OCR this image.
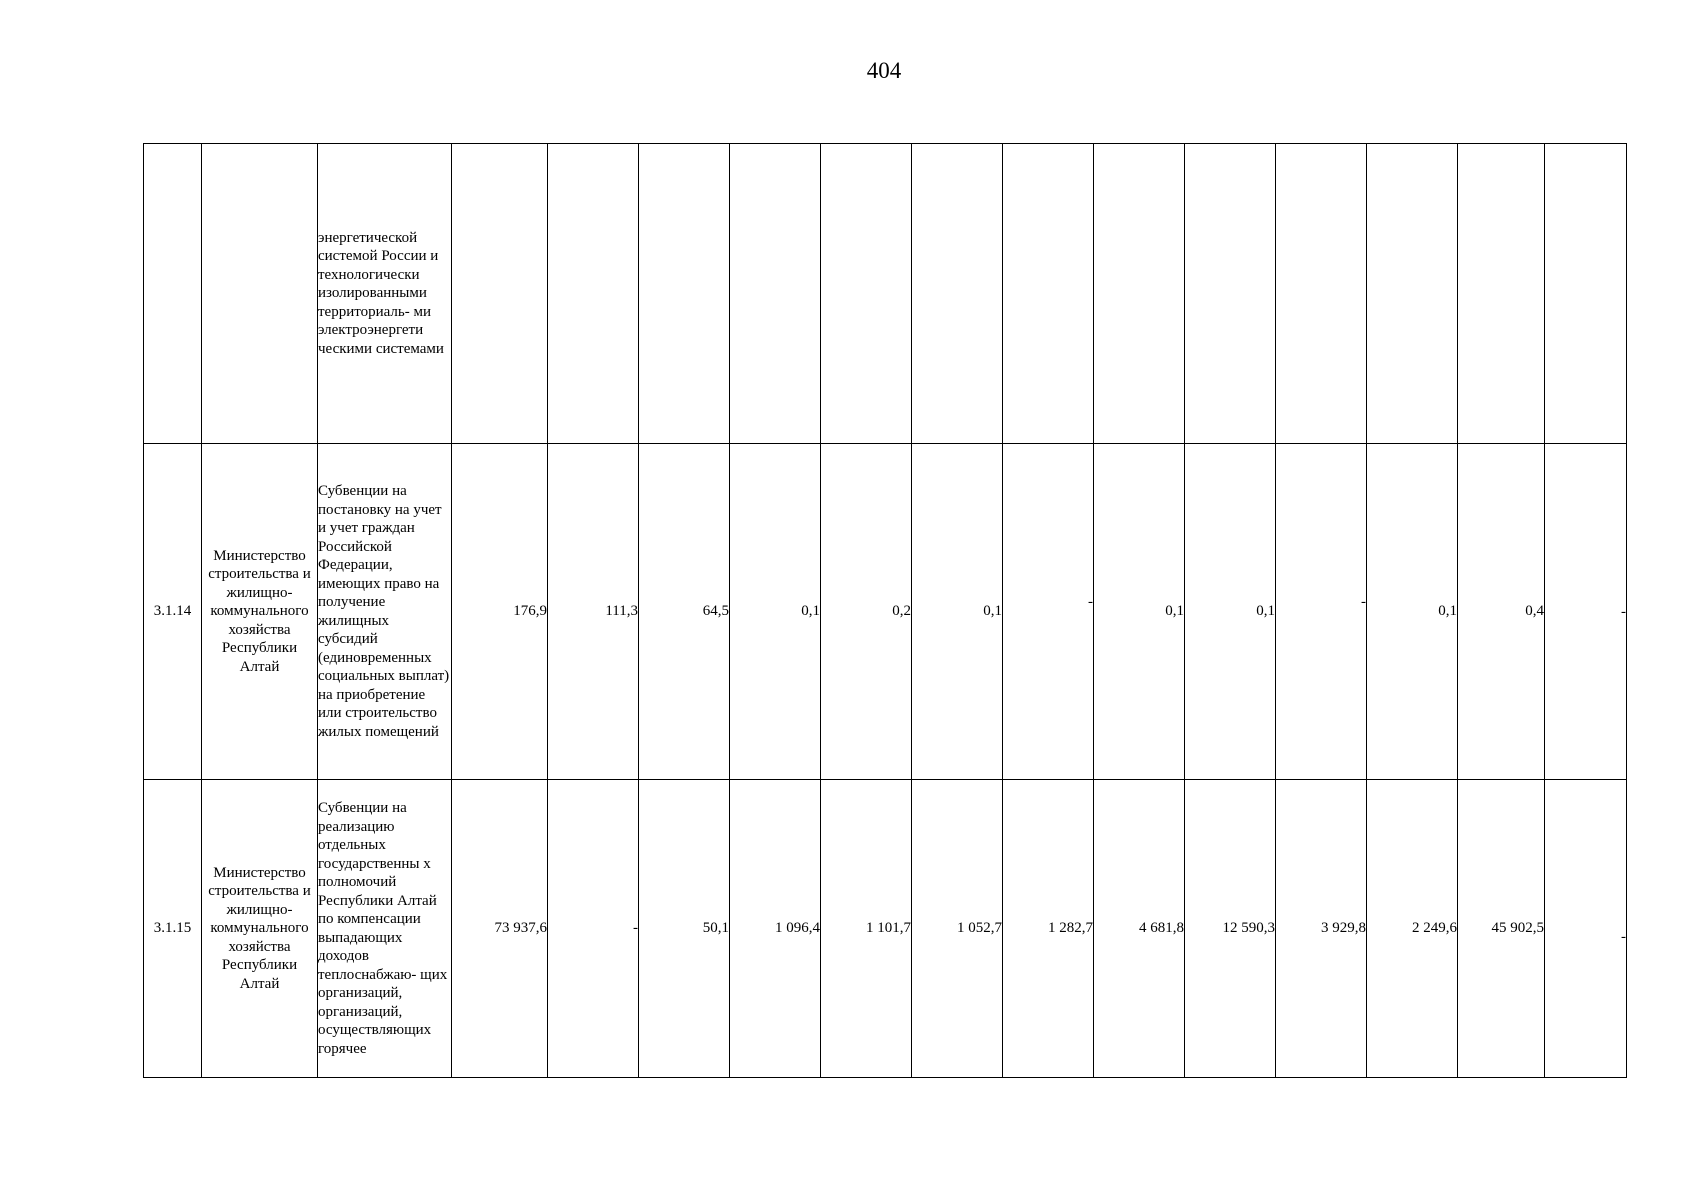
404
		энергетической системой России и технологически изолированными территориаль- ми электроэнергети ческими системами													
3.1.14	Министерство строительства и жилищно-коммунального хозяйства Республики Алтай	Субвенции на постановку на учет и учет граждан Российской Федерации, имеющих право на получение жилищных субсидий (единовременных социальных выплат) на приобретение или строительство жилых помещений	176,9	111,3	64,5	0,1	0,2	0,1	-	0,1	0,1	-	0,1	0,4	-
3.1.15	Министерство строительства и жилищно-коммунального хозяйства Республики Алтай	Субвенции на реализацию отдельных государственны х полномочий Республики Алтай по компенсации выпадающих доходов теплоснабжаю- щих организаций, организаций, осуществляющих горячее	73 937,6	-	50,1	1 096,4	1 101,7	1 052,7	1 282,7	4 681,8	12 590,3	3 929,8	2 249,6	45 902,5	-
